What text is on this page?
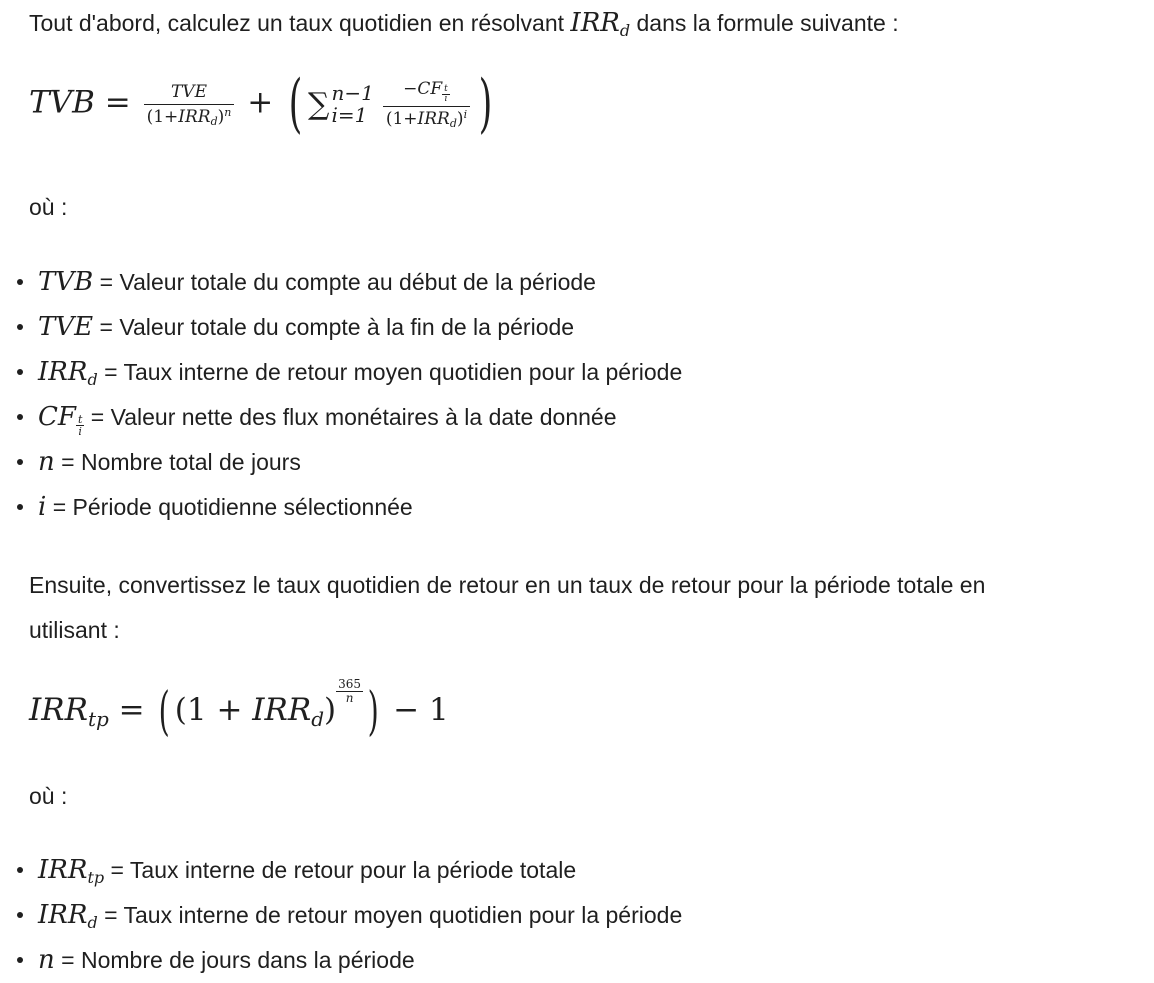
Tout d'abord, calculez un taux quotidien en résolvant $IRR_d$ dans la formule suivante :
TVB = $\frac{\text{TVE}}{(1+IRR_d)^n}$ + ( ∑ n−1
i=1 −CF $_{\frac{t}{i}}$
$(1+IRR_d)^i$ )
où :
TVB = Valeur totale du compte au début de la période
TVE = Valeur totale du compte à la fin de la période
$IRR_d$ = Taux interne de retour moyen quotidien pour la période
CF $\frac{t}{i}$ = Valeur nette des flux monétaires à la date donnée
n = Nombre total de jours
i = Période quotidienne sélectionnée
Ensuite, convertissez le taux quotidien de retour en un taux de retour pour la période totale en
utilisant :
$IRR_{tp}$ = ( $(1 + IRR_d)$
$\frac{365}{n}$ ) − 1
où :
$IRR_{tp}$ = Taux interne de retour pour la période totale
$IRR_d$ = Taux interne de retour moyen quotidien pour la période
n = Nombre de jours dans la période
